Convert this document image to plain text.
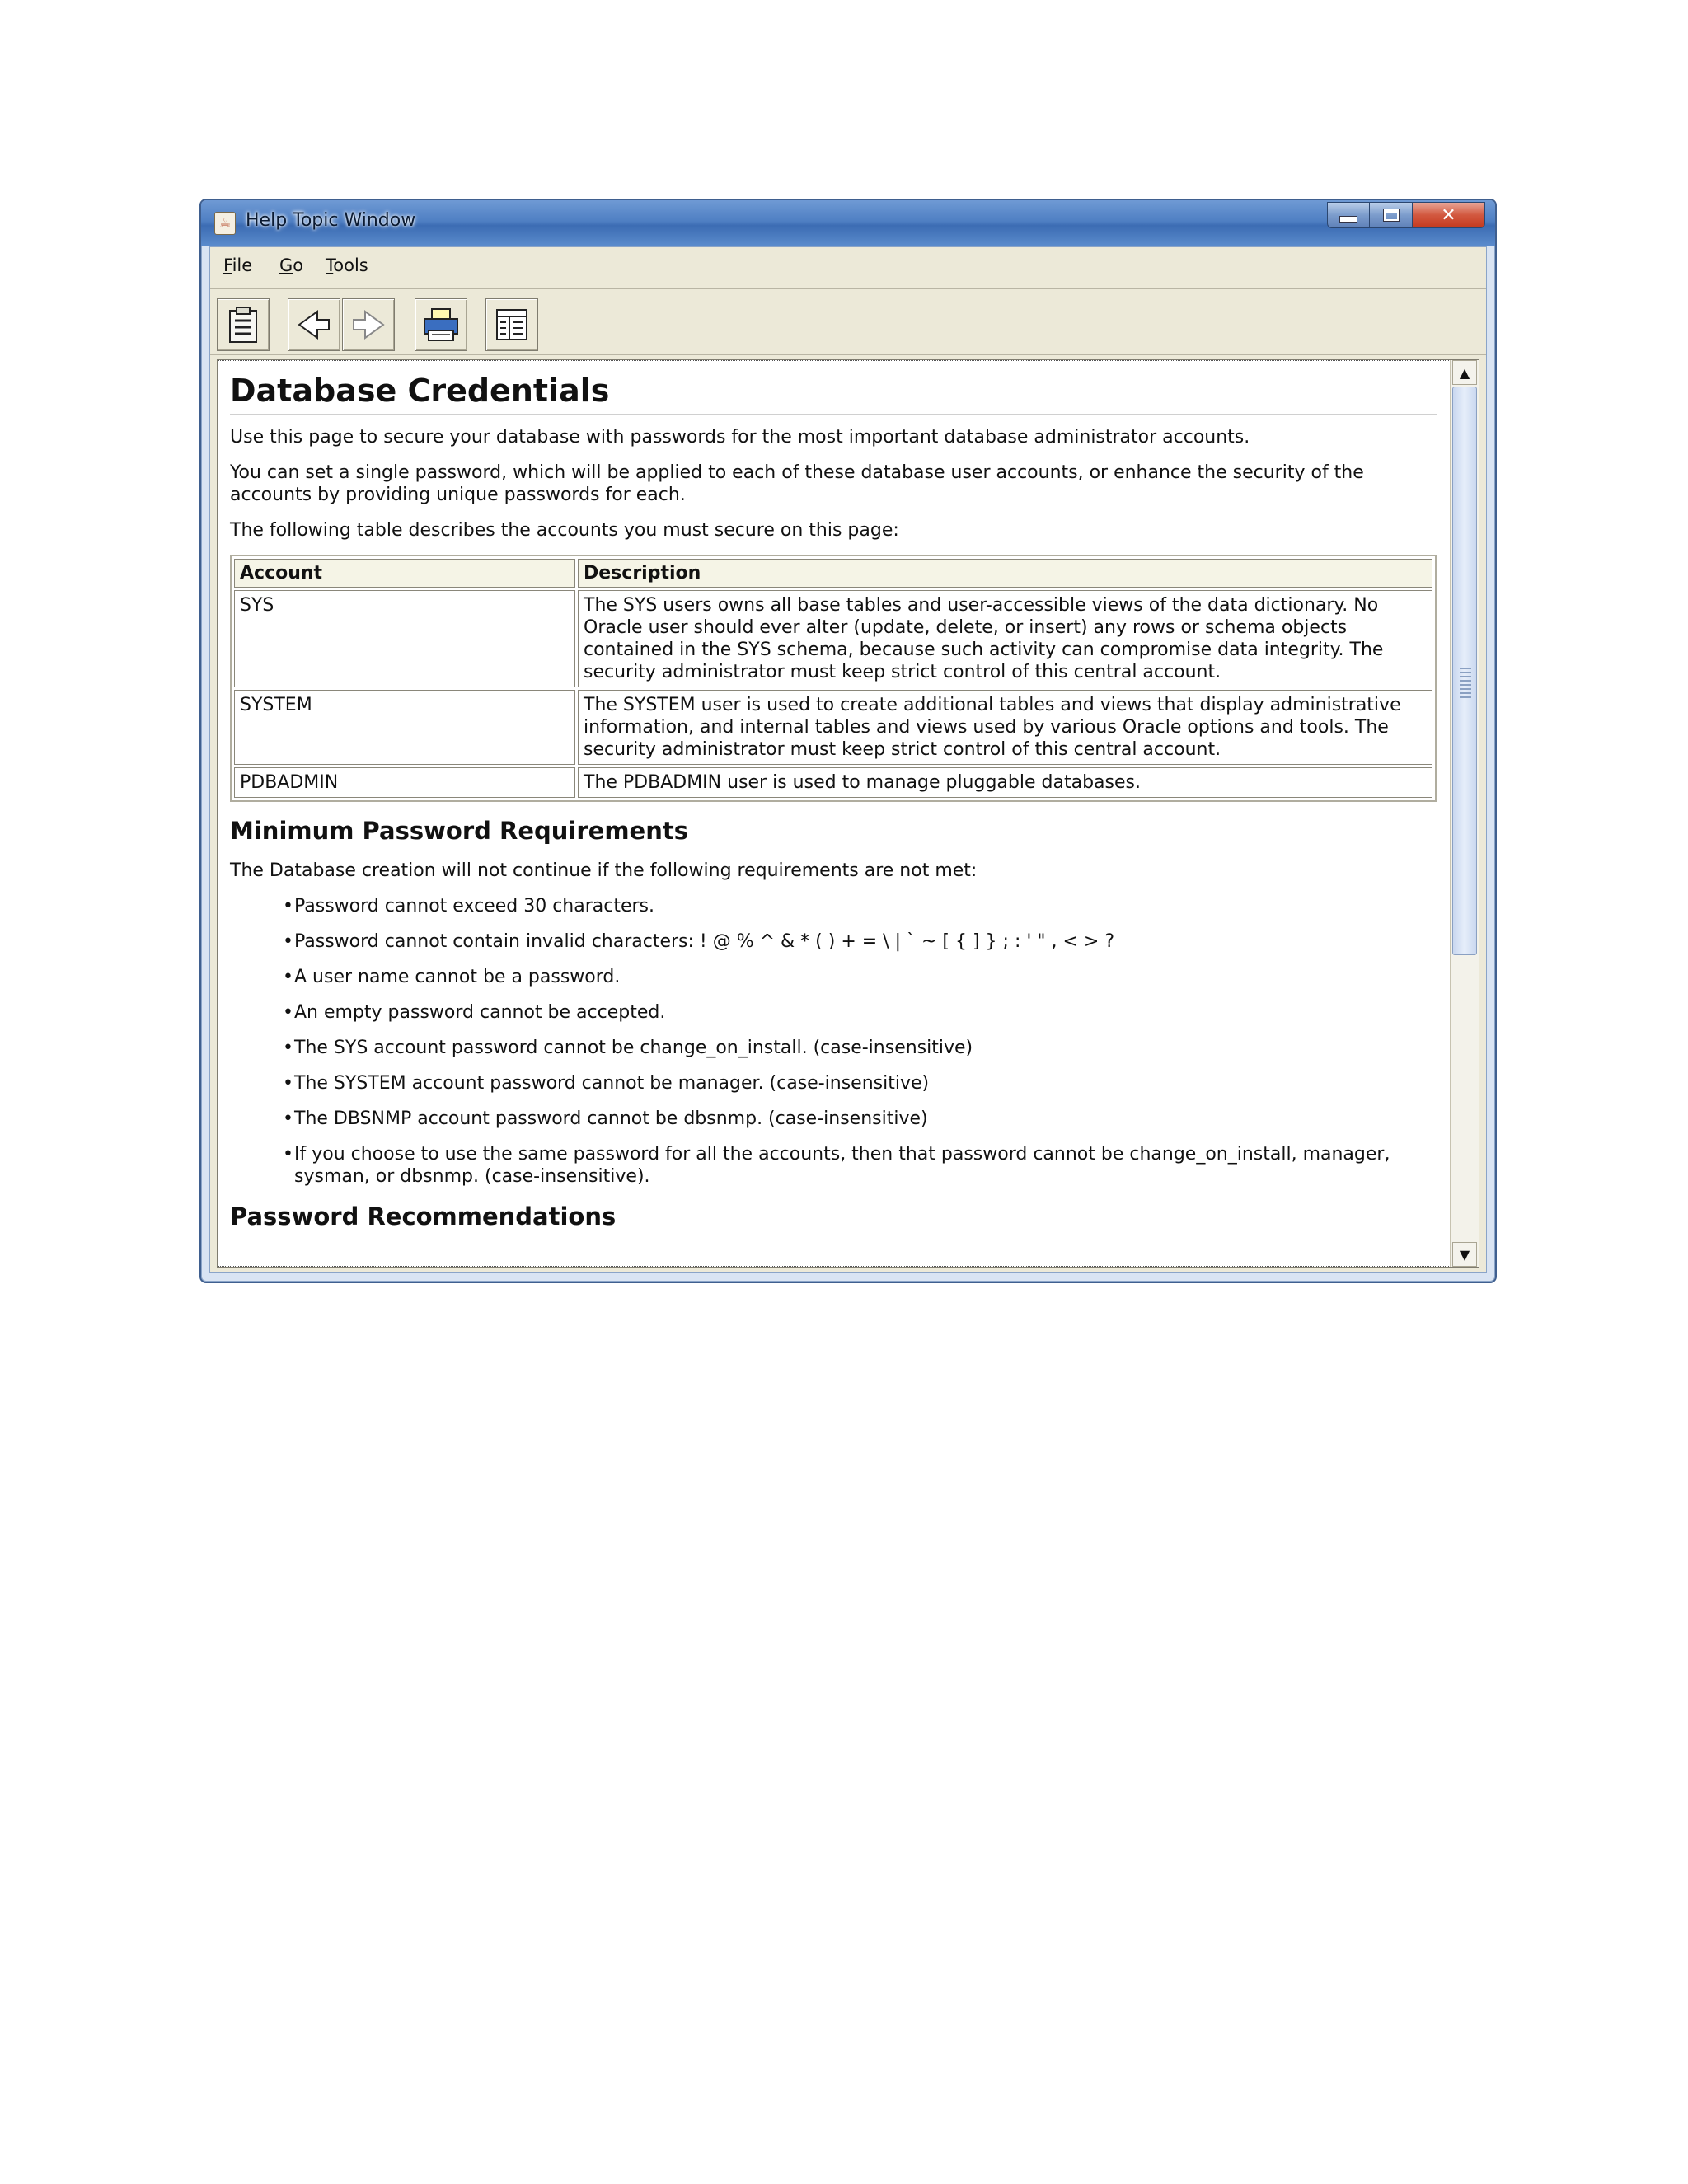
☕ Help Topic Window	✕
File Go Tools
Database Credentials

Use this page to secure your database with passwords for the most important database administrator accounts.

You can set a single password, which will be applied to each of these database user accounts, or enhance the security of the accounts by providing unique passwords for each.

The following table describes the accounts you must secure on this page:

Account	Description
SYS	The SYS users owns all base tables and user-accessible views of the data dictionary. No Oracle user should ever alter (update, delete, or insert) any rows or schema objects contained in the SYS schema, because such activity can compromise data integrity. The security administrator must keep strict control of this central account.
SYSTEM	The SYSTEM user is used to create additional tables and views that display administrative information, and internal tables and views used by various Oracle options and tools. The security administrator must keep strict control of this central account.
PDBADMIN	The PDBADMIN user is used to manage pluggable databases.
Minimum Password Requirements

The Database creation will not continue if the following requirements are not met:

• Password cannot exceed 30 characters.
• Password cannot contain invalid characters: ! @ % ^ & * ( ) + = \ | ` ~ [ { ] } ; : ' " , < > ?
• A user name cannot be a password.
• An empty password cannot be accepted.
• The SYS account password cannot be change_on_install. (case-insensitive)
• The SYSTEM account password cannot be manager. (case-insensitive)
• The DBSNMP account password cannot be dbsnmp. (case-insensitive)
• If you choose to use the same password for all the accounts, then that password cannot be change_on_install, manager, sysman, or dbsnmp. (case-insensitive).
Password Recommendations
▲
▼
